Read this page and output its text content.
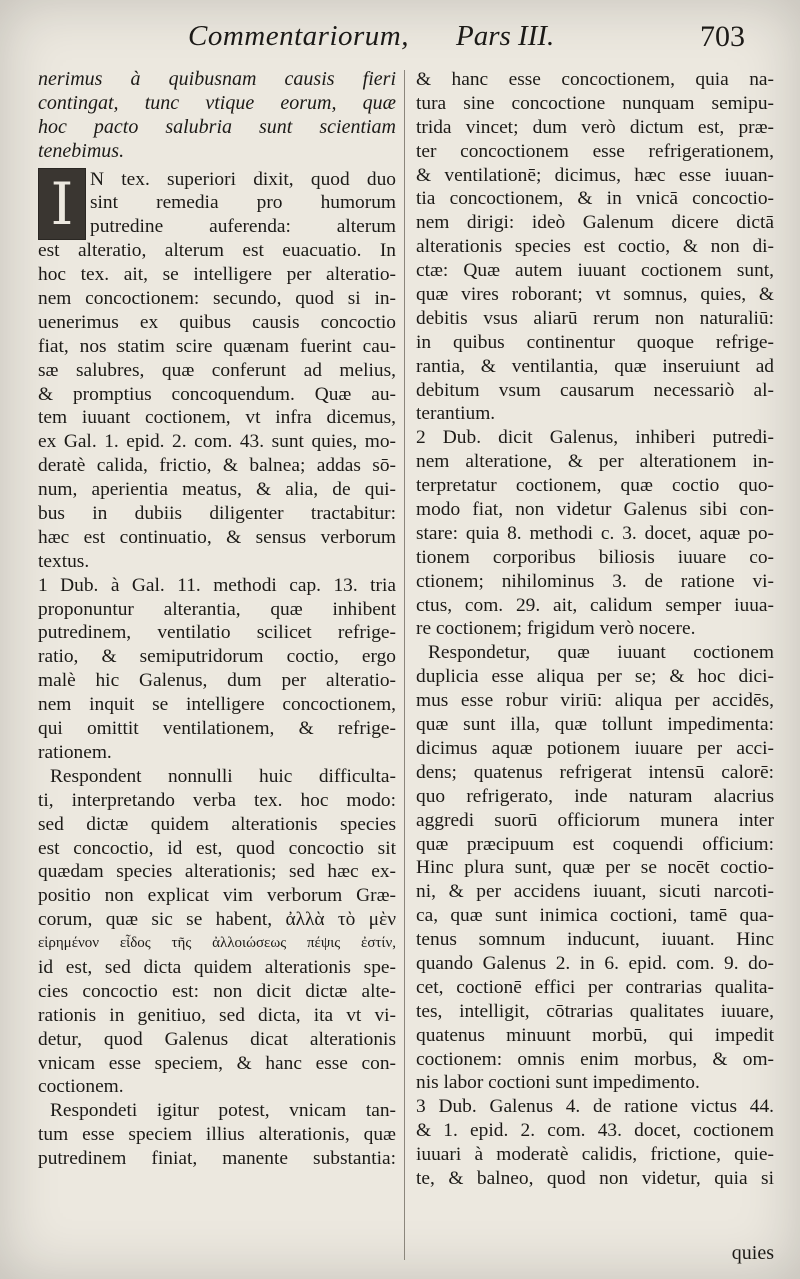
Commentariorum, Pars III.	703
nerimus à quibusnam causis fieri
contingat, tunc vtique eorum, quæ
hoc pacto salubria sunt scientiam
tenebimus.
I N tex. superiori dixit, quod duo
sint remedia pro humorum
putredine auferenda: alterum
est alteratio, alterum est euacuatio. In
hoc tex. ait, se intelligere per alteratio-
nem concoctionem: secundo, quod si in-
uenerimus ex quibus causis concoctio
fiat, nos statim scire quænam fuerint cau-
sæ salubres, quæ conferunt ad melius,
& promptius concoquendum. Quæ au-
tem iuuant coctionem, vt infra dicemus,
ex Gal. 1. epid. 2. com. 43. sunt quies, mo-
deratè calida, frictio, & balnea; addas sō-
num, aperientia meatus, & alia, de qui-
bus in dubiis diligenter tractabitur:
hæc est continuatio, & sensus verborum
textus.
1 Dub. à Gal. 11. methodi cap. 13. tria
proponuntur alterantia, quæ inhibent
putredinem, ventilatio scilicet refrige-
ratio, & semiputridorum coctio, ergo
malè hic Galenus, dum per alteratio-
nem inquit se intelligere concoctionem,
qui omittit ventilationem, & refrige-
rationem.
Respondent nonnulli huic difficulta-
ti, interpretando verba tex. hoc modo:
sed dictæ quidem alterationis species
est concoctio, id est, quod concoctio sit
quædam species alterationis; sed hæc ex-
positio non explicat vim verborum Græ-
corum, quæ sic se habent, ἀλλὰ τὸ μὲν
εἰρημένον εἶδος τῆς ἀλλοιώσεως πέψις ἐστίν,
id est, sed dicta quidem alterationis spe-
cies concoctio est: non dicit dictæ alte-
rationis in genitiuo, sed dicta, ita vt vi-
detur, quod Galenus dicat alterationis
vnicam esse speciem, & hanc esse con-
coctionem.
Respondeti igitur potest, vnicam tan-
tum esse speciem illius alterationis, quæ
putredinem finiat, manente substantia:
& hanc esse concoctionem, quia na-
tura sine concoctione nunquam semipu-
trida vincet; dum verò dictum est, præ-
ter concoctionem esse refrigerationem,
& ventilationē; dicimus, hæc esse iuuan-
tia concoctionem, & in vnicā concoctio-
nem dirigi: ideò Galenum dicere dictā
alterationis species est coctio, & non di-
ctæ: Quæ autem iuuant coctionem sunt,
quæ vires roborant; vt somnus, quies, &
debitis vsus aliarū rerum non naturaliū:
in quibus continentur quoque refrige-
rantia, & ventilantia, quæ inseruiunt ad
debitum vsum causarum necessariò al-
terantium.
2 Dub. dicit Galenus, inhiberi putredi-
nem alteratione, & per alterationem in-
terpretatur coctionem, quæ coctio quo-
modo fiat, non videtur Galenus sibi con-
stare: quia 8. methodi c. 3. docet, aquæ po-
tionem corporibus biliosis iuuare co-
ctionem; nihilominus 3. de ratione vi-
ctus, com. 29. ait, calidum semper iuua-
re coctionem; frigidum verò nocere.
Respondetur, quæ iuuant coctionem
duplicia esse aliqua per se; & hoc dici-
mus esse robur viriū: aliqua per accidēs,
quæ sunt illa, quæ tollunt impedimenta:
dicimus aquæ potionem iuuare per acci-
dens; quatenus refrigerat intensū calorē:
quo refrigerato, inde naturam alacrius
aggredi suorū officiorum munera inter
quæ præcipuum est coquendi officium:
Hinc plura sunt, quæ per se nocēt coctio-
ni, & per accidens iuuant, sicuti narcoti-
ca, quæ sunt inimica coctioni, tamē qua-
tenus somnum inducunt, iuuant. Hinc
quando Galenus 2. in 6. epid. com. 9. do-
cet, coctionē effici per contrarias qualita-
tes, intelligit, cōtrarias qualitates iuuare,
quatenus minuunt morbū, qui impedit
coctionem: omnis enim morbus, & om-
nis labor coctioni sunt impedimento.
3 Dub. Galenus 4. de ratione victus 44.
& 1. epid. 2. com. 43. docet, coctionem
iuuari à moderatè calidis, frictione, quie-
te, & balneo, quod non videtur, quia si
quies
